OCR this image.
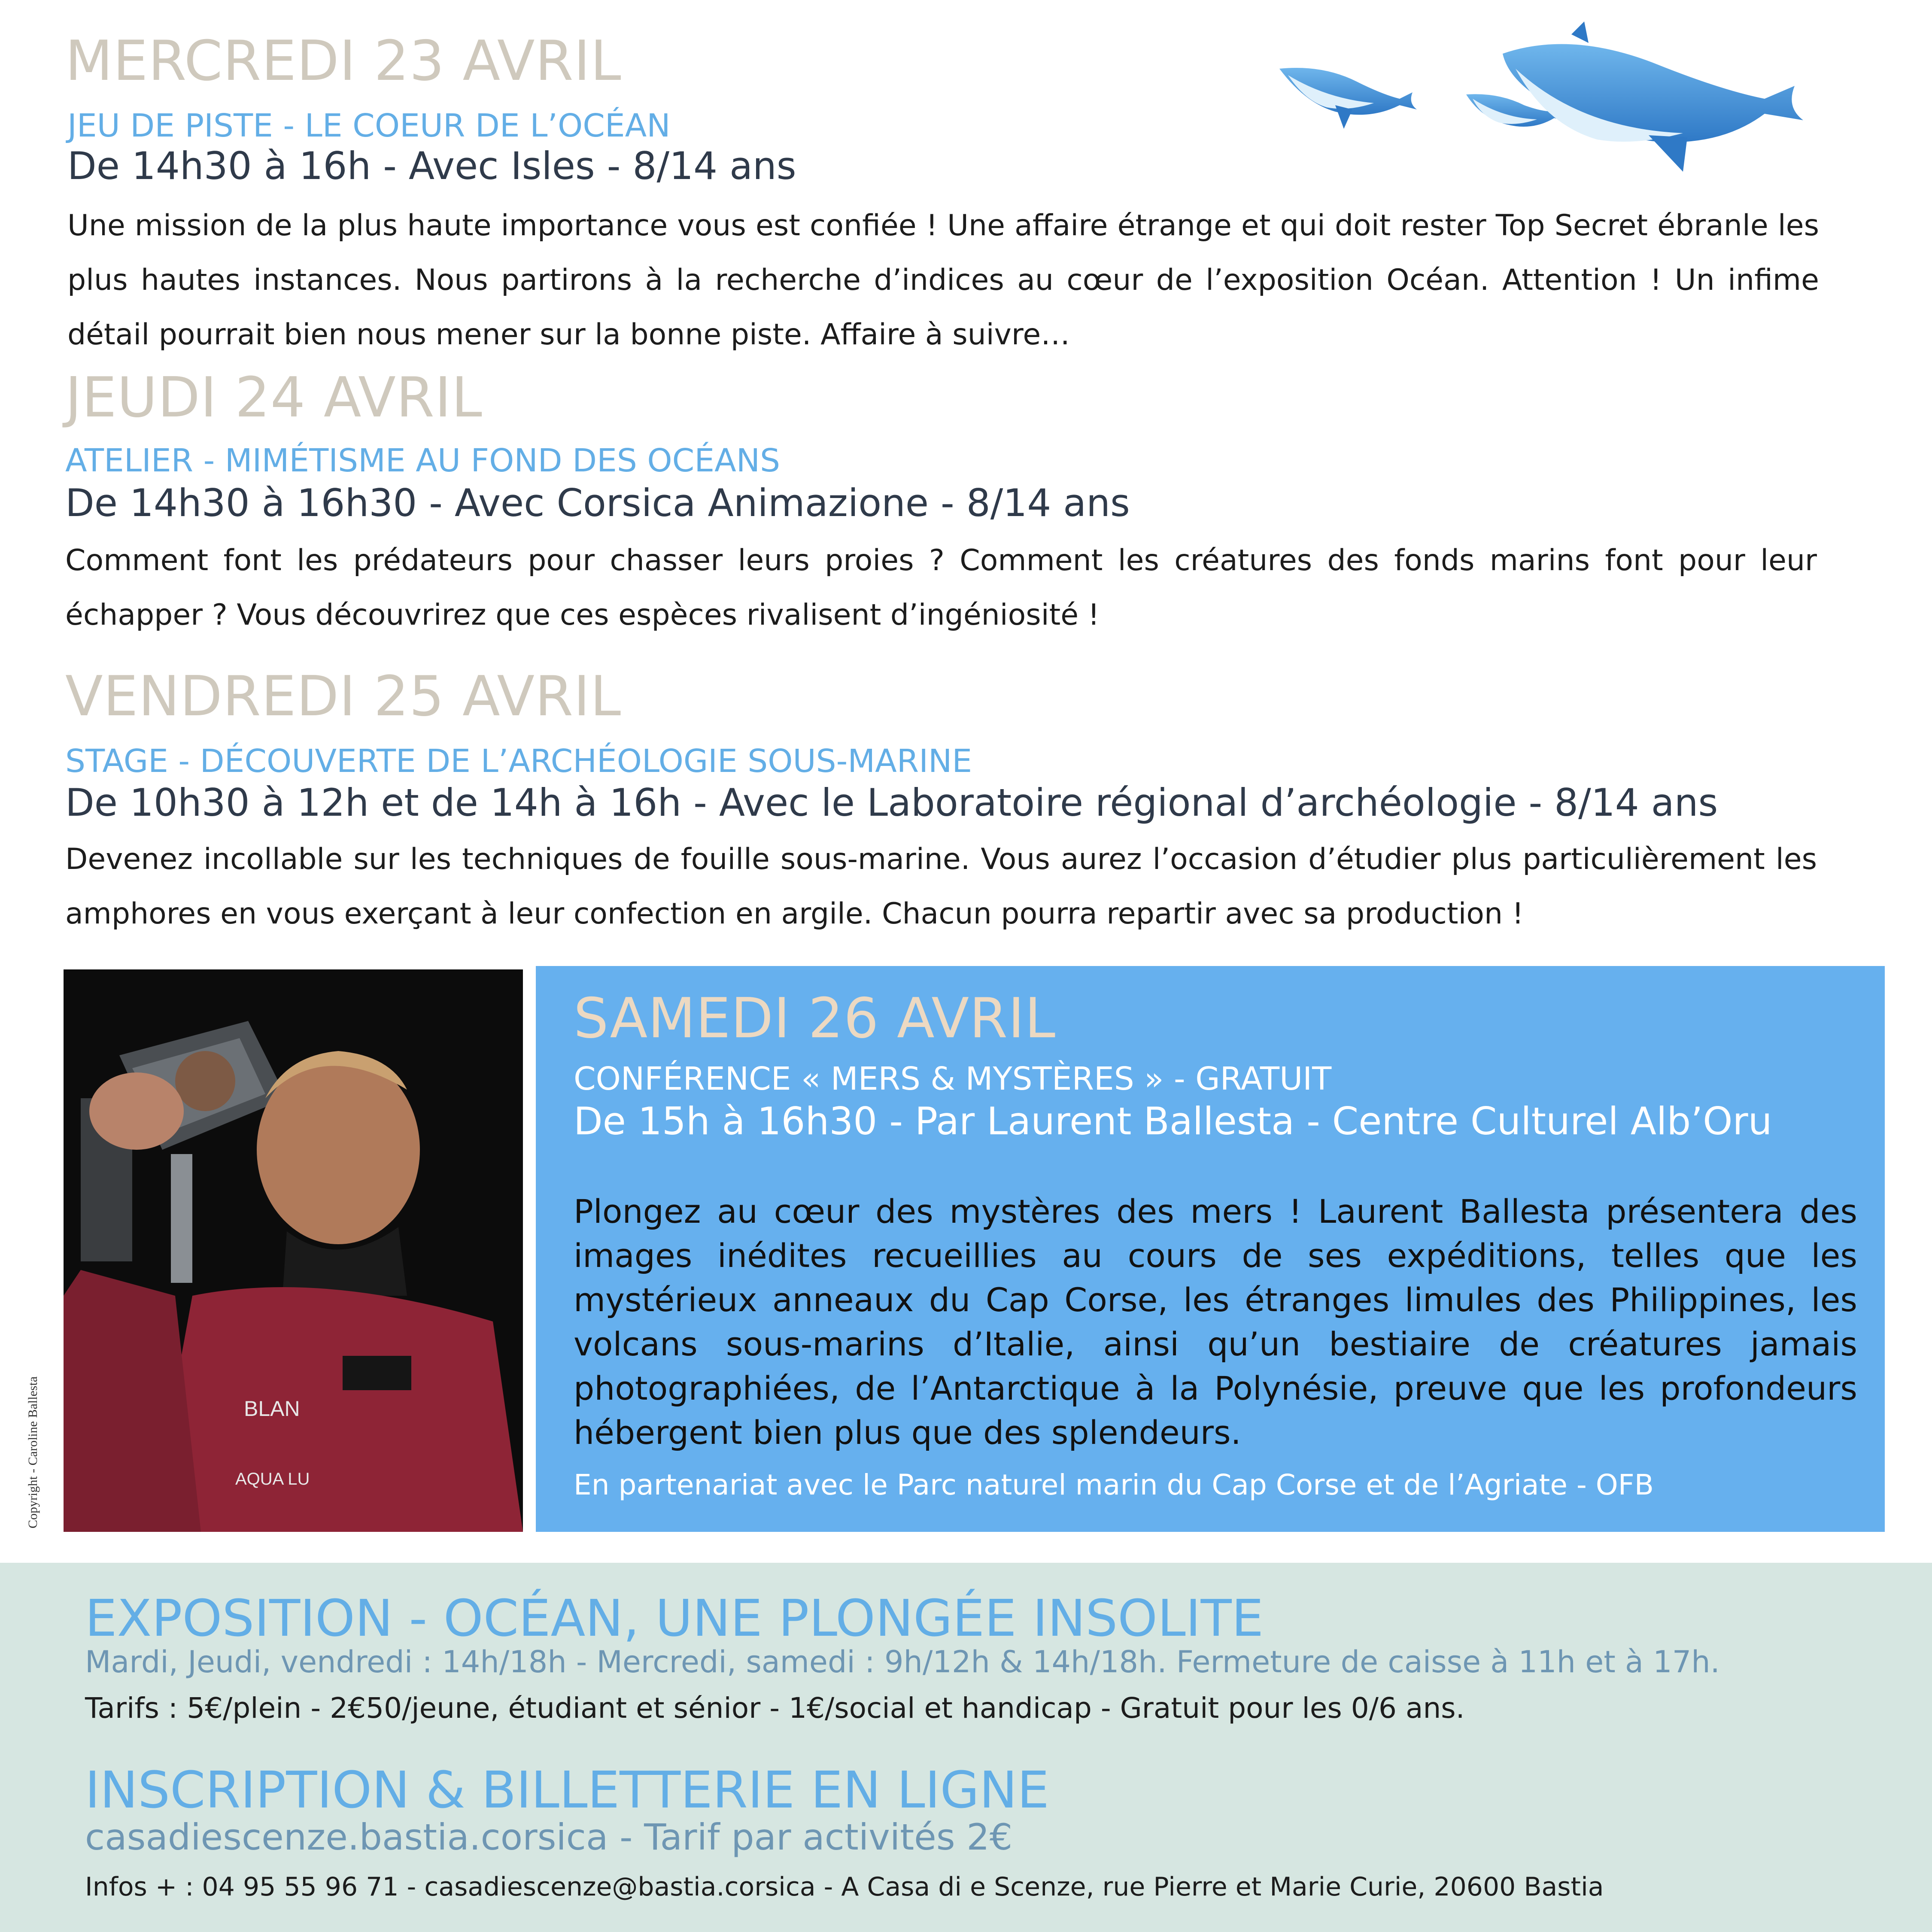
MERCREDI 23 AVRIL
JEU DE PISTE - LE COEUR DE L’OCÉAN
De 14h30 à 16h - Avec Isles - 8/14 ans

Une mission de la plus haute importance vous est confiée ! Une affaire étrange et qui doit rester Top Secret ébranle les plus hautes instances. Nous partirons à la recherche d’indices au cœur de l’exposition Océan. Attention ! Un infime détail pourrait bien nous mener sur la bonne piste. Affaire à suivre…

JEUDI 24 AVRIL
ATELIER - MIMÉTISME AU FOND DES OCÉANS
De 14h30 à 16h30 - Avec Corsica Animazione - 8/14 ans

Comment font les prédateurs pour chasser leurs proies ? Comment les créatures des fonds marins font pour leur échapper ? Vous découvrirez que ces espèces rivalisent d’ingéniosité !

VENDREDI 25 AVRIL
STAGE - DÉCOUVERTE DE L’ARCHÉOLOGIE SOUS-MARINE
De 10h30 à 12h et de 14h à 16h - Avec le Laboratoire régional d’archéologie - 8/14 ans

Devenez incollable sur les techniques de fouille sous-marine. Vous aurez l’occasion d’étudier plus particulièrement les amphores en vous exerçant à leur confection en argile. Chacun pourra repartir avec sa production !

BLAN
AQUA LU
Copyright - Caroline Ballesta
SAMEDI 26 AVRIL
CONFÉRENCE « MERS & MYSTÈRES » - GRATUIT
De 15h à 16h30 - Par Laurent Ballesta - Centre Culturel Alb’Oru

Plongez au cœur des mystères des mers ! Laurent Ballesta présentera des images inédites recueillies au cours de ses expéditions, telles que les mystérieux anneaux du Cap Corse, les étranges limules des Philippines, les volcans sous-marins d’Italie, ainsi qu’un bestiaire de créatures jamais photographiées, de l’Antarctique à la Polynésie, preuve que les profondeurs hébergent bien plus que des splendeurs.

En partenariat avec le Parc naturel marin du Cap Corse et de l’Agriate - OFB
EXPOSITION - OCÉAN, UNE PLONGÉE INSOLITE
Mardi, Jeudi, vendredi : 14h/18h - Mercredi, samedi : 9h/12h & 14h/18h. Fermeture de caisse à 11h et à 17h.
Tarifs : 5€/plein - 2€50/jeune, étudiant et sénior - 1€/social et handicap - Gratuit pour les 0/6 ans.
INSCRIPTION & BILLETTERIE EN LIGNE
casadiescenze.bastia.corsica - Tarif par activités 2€
Infos + : 04 95 55 96 71 - casadiescenze@bastia.corsica - A Casa di e Scenze, rue Pierre et Marie Curie, 20600 Bastia
